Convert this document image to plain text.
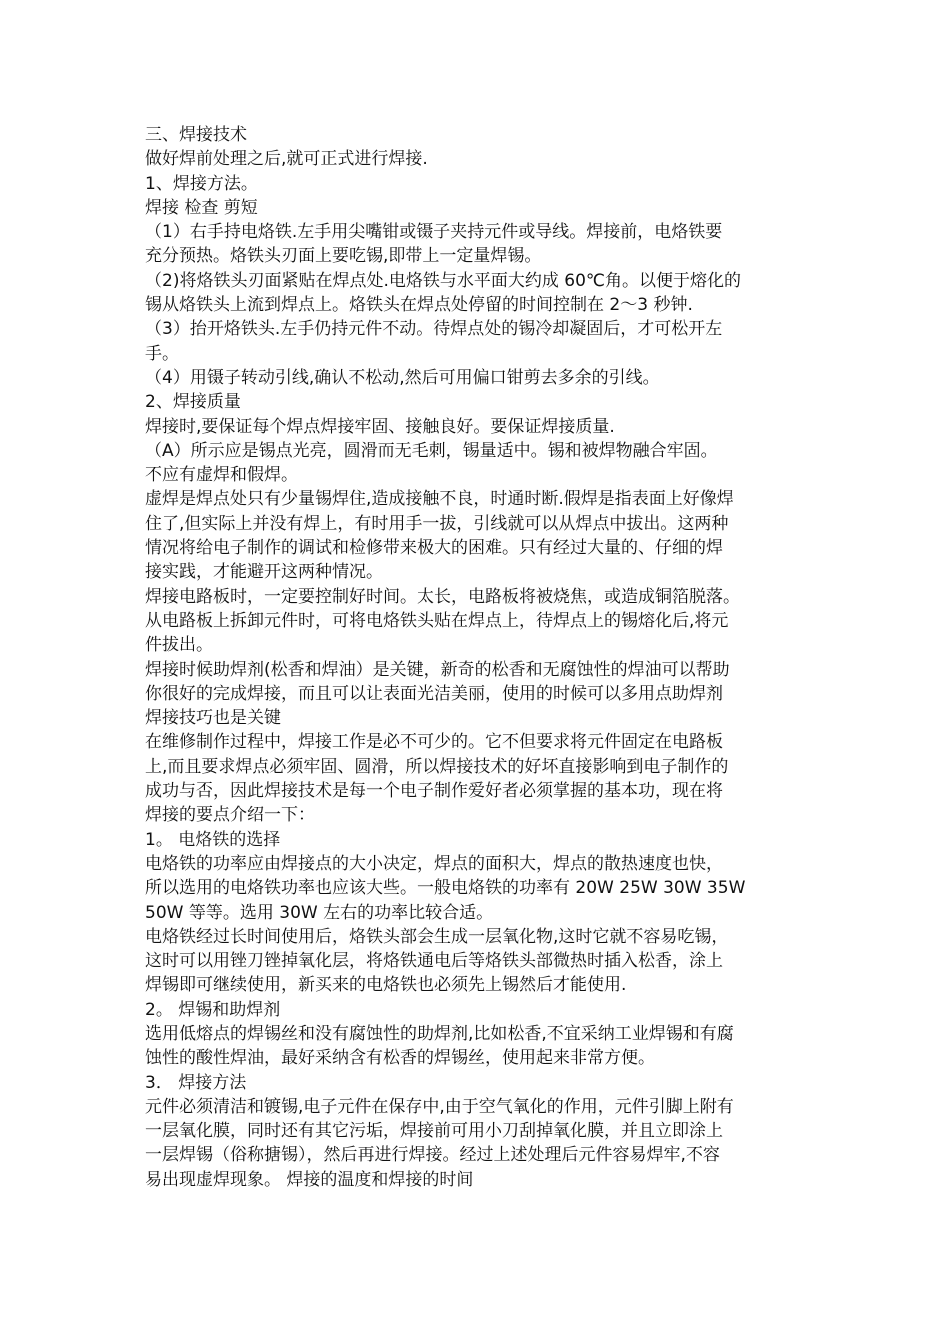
三、焊接技术
做好焊前处理之后,就可正式进行焊接.
1、焊接方法。
焊接 检查 剪短
（1）右手持电烙铁.左手用尖嘴钳或镊子夹持元件或导线。焊接前，电烙铁要
充分预热。烙铁头刃面上要吃锡,即带上一定量焊锡。
（2)将烙铁头刃面紧贴在焊点处.电烙铁与水平面大约成 60℃角。以便于熔化的
锡从烙铁头上流到焊点上。烙铁头在焊点处停留的时间控制在 2～3 秒钟.
（3）抬开烙铁头.左手仍持元件不动。待焊点处的锡冷却凝固后，才可松开左
手。
（4）用镊子转动引线,确认不松动,然后可用偏口钳剪去多余的引线。
2、焊接质量
焊接时,要保证每个焊点焊接牢固、接触良好。要保证焊接质量.
（A）所示应是锡点光亮，圆滑而无毛刺，锡量适中。锡和被焊物融合牢固。
不应有虚焊和假焊。
虚焊是焊点处只有少量锡焊住,造成接触不良，时通时断.假焊是指表面上好像焊
住了,但实际上并没有焊上，有时用手一拔，引线就可以从焊点中拔出。这两种
情况将给电子制作的调试和检修带来极大的困难。只有经过大量的、仔细的焊
接实践，才能避开这两种情况。
焊接电路板时，一定要控制好时间。太长，电路板将被烧焦，或造成铜箔脱落。
从电路板上拆卸元件时，可将电烙铁头贴在焊点上，待焊点上的锡熔化后,将元
件拔出。
焊接时候助焊剂(松香和焊油）是关键，新奇的松香和无腐蚀性的焊油可以帮助
你很好的完成焊接，而且可以让表面光洁美丽，使用的时候可以多用点助焊剂
焊接技巧也是关键
在维修制作过程中，焊接工作是必不可少的。它不但要求将元件固定在电路板
上,而且要求焊点必须牢固、圆滑，所以焊接技术的好坏直接影响到电子制作的
成功与否，因此焊接技术是每一个电子制作爱好者必须掌握的基本功，现在将
焊接的要点介绍一下：
1。 电烙铁的选择
电烙铁的功率应由焊接点的大小决定，焊点的面积大，焊点的散热速度也快，
所以选用的电烙铁功率也应该大些。一般电烙铁的功率有 20W 25W 30W 35W
50W 等等。选用 30W 左右的功率比较合适。
电烙铁经过长时间使用后，烙铁头部会生成一层氧化物,这时它就不容易吃锡，
这时可以用锉刀锉掉氧化层，将烙铁通电后等烙铁头部微热时插入松香，涂上
焊锡即可继续使用，新买来的电烙铁也必须先上锡然后才能使用.
2。 焊锡和助焊剂
选用低熔点的焊锡丝和没有腐蚀性的助焊剂,比如松香,不宜采纳工业焊锡和有腐
蚀性的酸性焊油，最好采纳含有松香的焊锡丝，使用起来非常方便。
3． 焊接方法
元件必须清洁和镀锡,电子元件在保存中,由于空气氧化的作用，元件引脚上附有
一层氧化膜，同时还有其它污垢，焊接前可用小刀刮掉氧化膜，并且立即涂上
一层焊锡（俗称搪锡），然后再进行焊接。经过上述处理后元件容易焊牢,不容
易出现虚焊现象。 焊接的温度和焊接的时间
